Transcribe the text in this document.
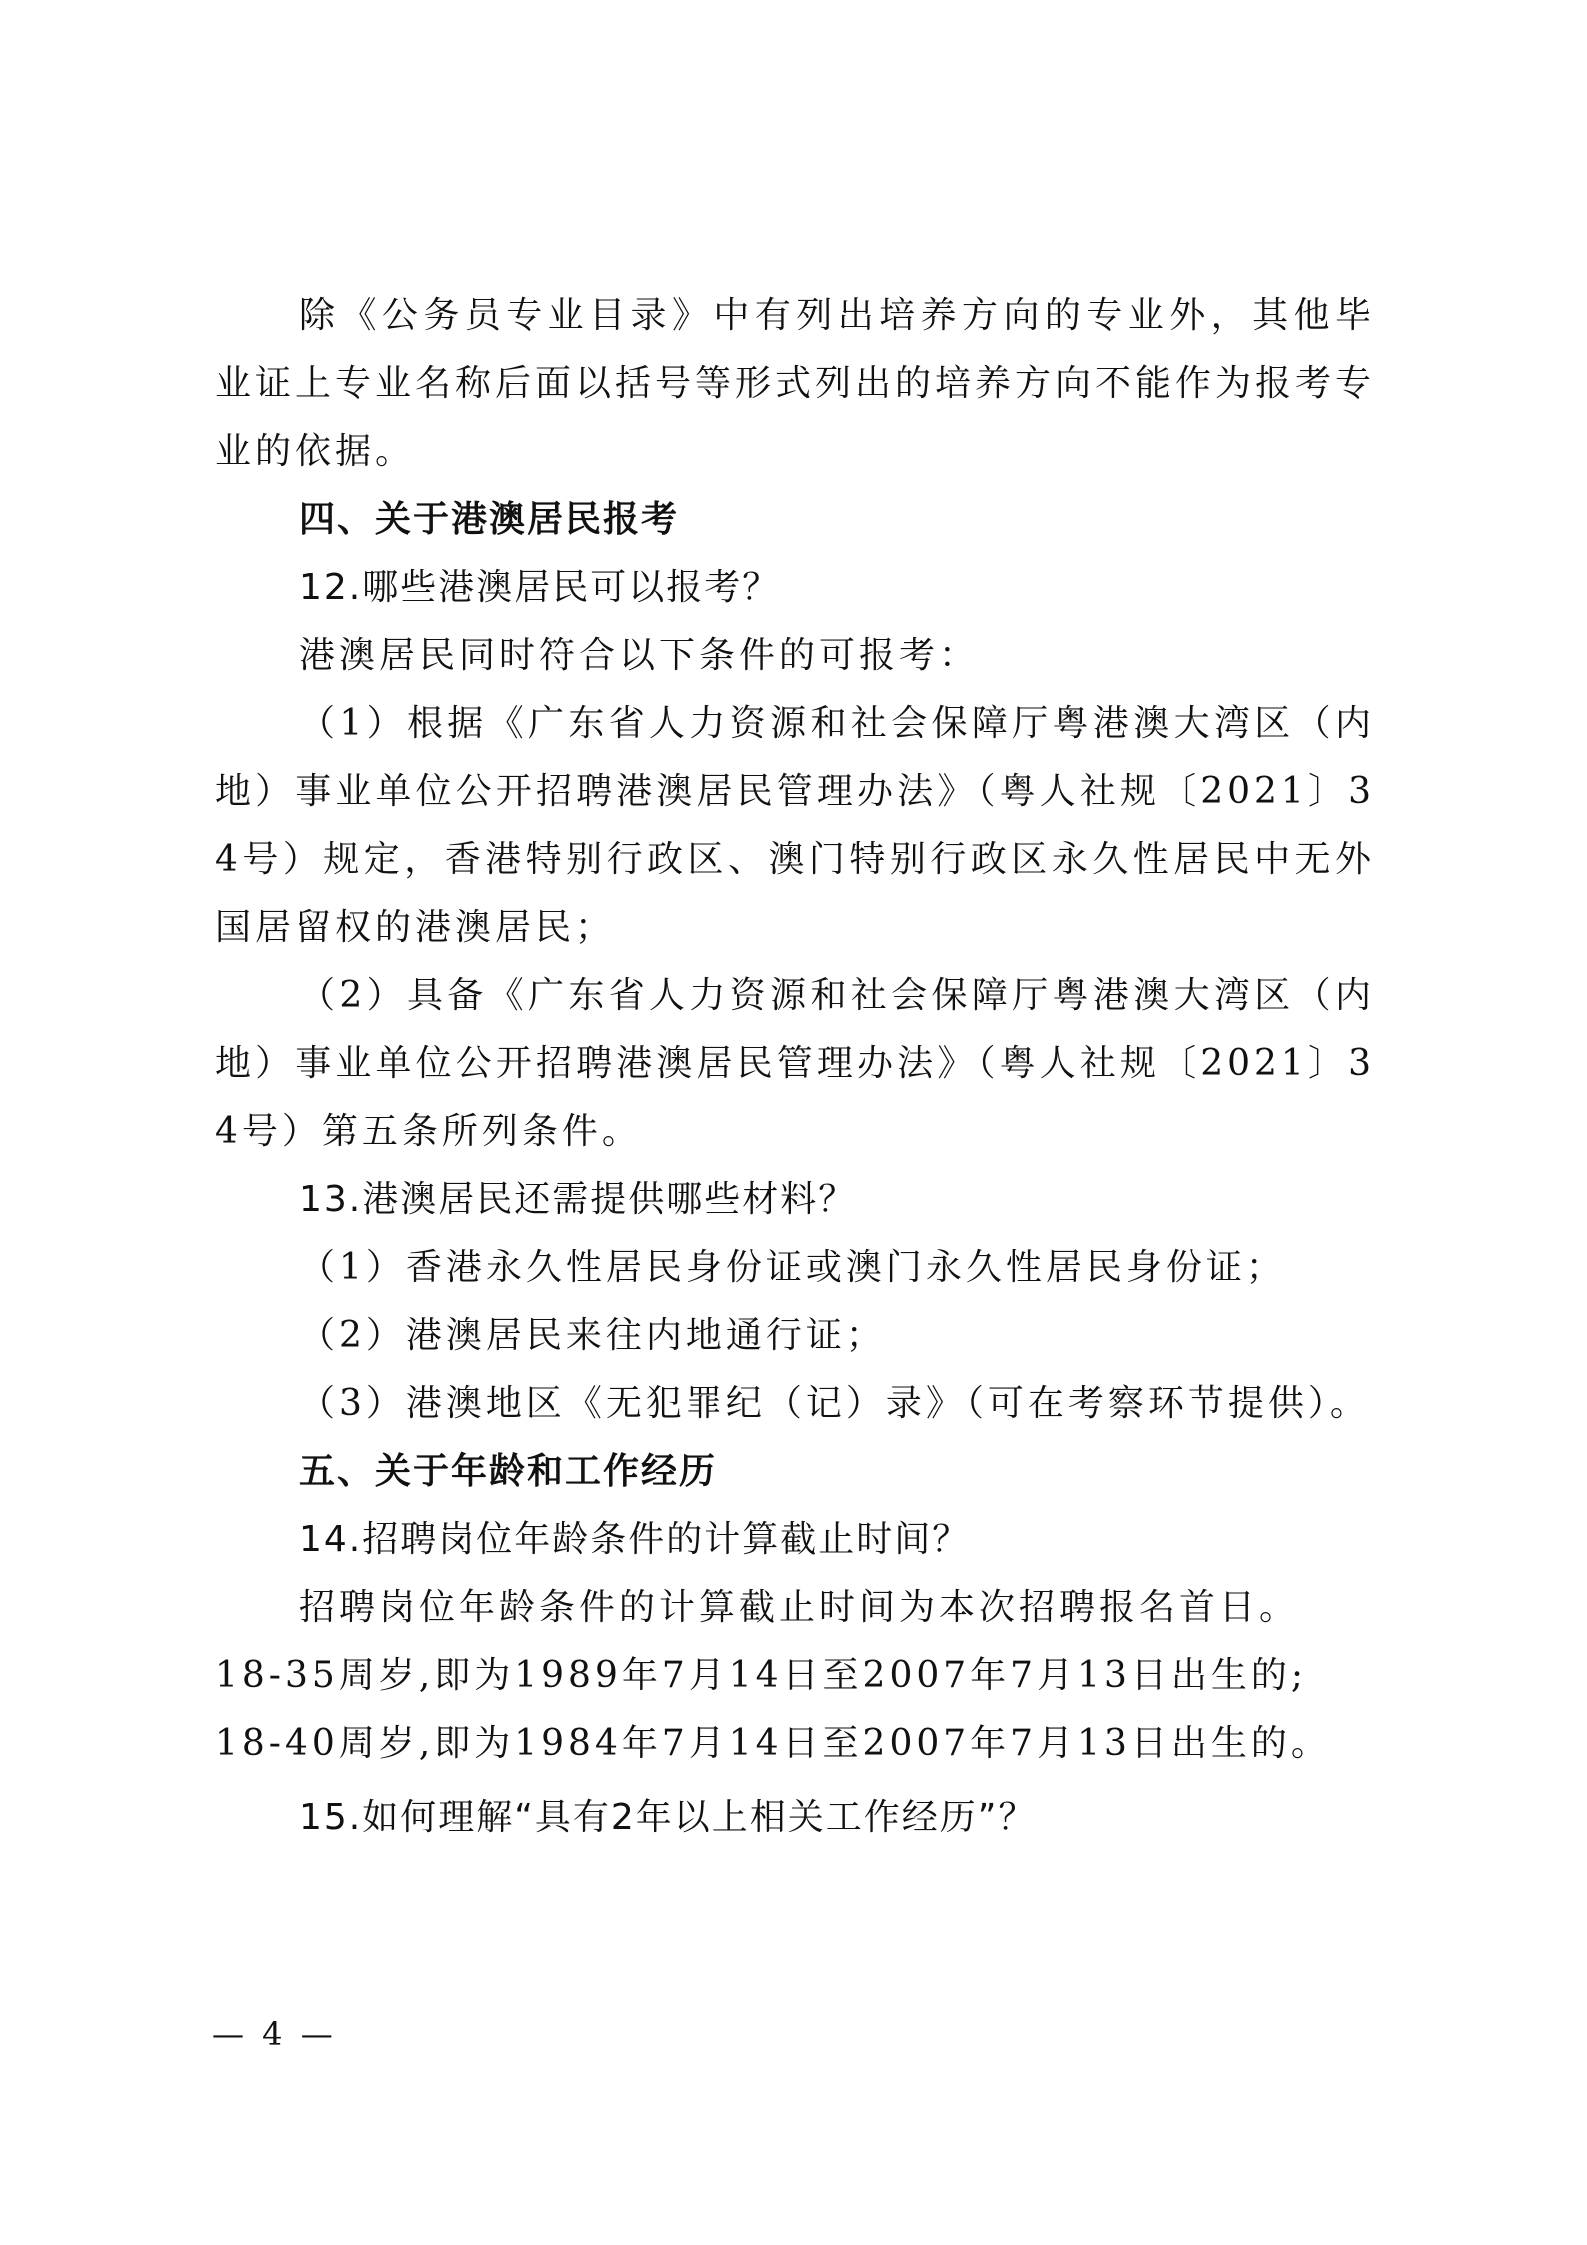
除《公务员专业目录》中有列出培养方向的专业外，其他毕业证上专业名称后面以括号等形式列出的培养方向不能作为报考专业的依据。

四、关于港澳居民报考

12.哪些港澳居民可以报考？

港澳居民同时符合以下条件的可报考：

（1）根据《广东省人力资源和社会保障厅粤港澳大湾区（内地）事业单位公开招聘港澳居民管理办法》（粤人社规〔2021〕34号）规定，香港特别行政区、澳门特别行政区永久性居民中无外国居留权的港澳居民；

（2）具备《广东省人力资源和社会保障厅粤港澳大湾区（内地）事业单位公开招聘港澳居民管理办法》（粤人社规〔2021〕34号）第五条所列条件。

13.港澳居民还需提供哪些材料？

（1）香港永久性居民身份证或澳门永久性居民身份证；

（2）港澳居民来往内地通行证；

（3）港澳地区《无犯罪纪（记）录》（可在考察环节提供）。

五、关于年龄和工作经历

14.招聘岗位年龄条件的计算截止时间？

招聘岗位年龄条件的计算截止时间为本次招聘报名首日。

18-35周岁,即为1989年7月14日至2007年7月13日出生的;

18-40周岁,即为1984年7月14日至2007年7月13日出生的。

15.如何理解“具有2年以上相关工作经历”？

— 4 —
